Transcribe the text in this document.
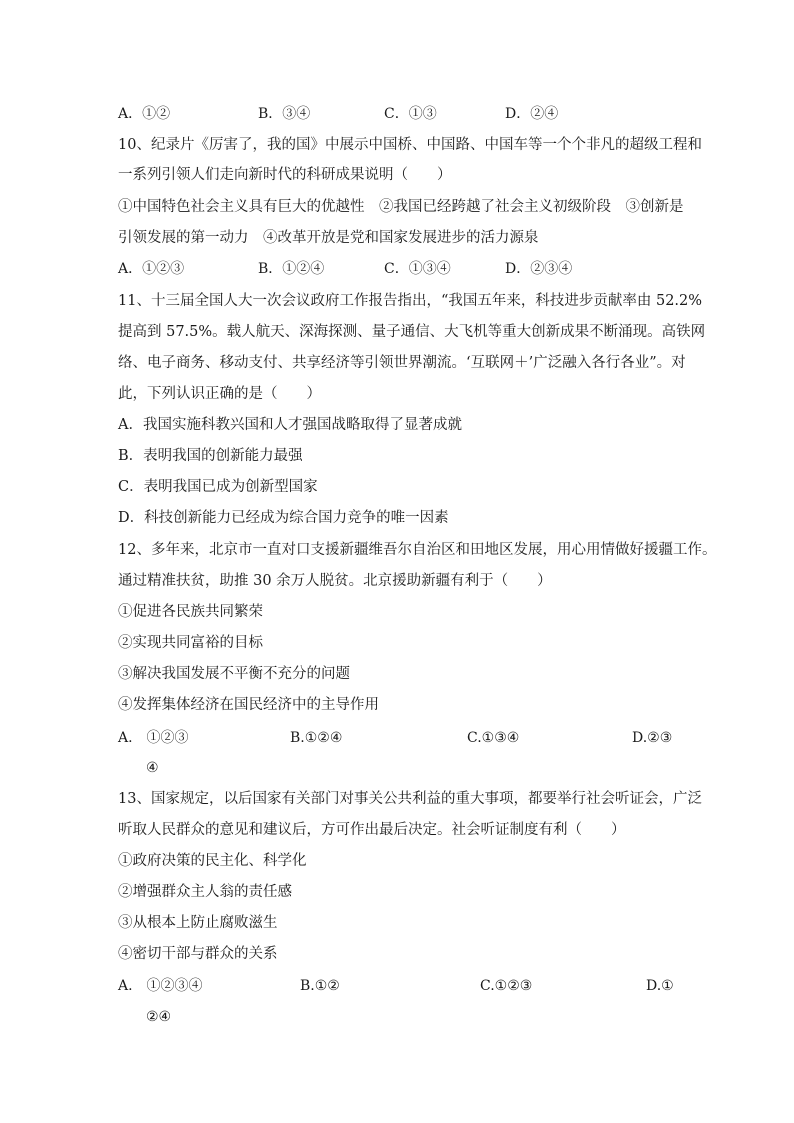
A．①②	B．③④	C．①③	D．②④
10、纪录片《厉害了，我的国》中展示中国桥、中国路、中国车等一个个非凡的超级工程和
一系列引领人们走向新时代的科研成果说明（　　）
①中国特色社会主义具有巨大的优越性　②我国已经跨越了社会主义初级阶段　③创新是
引领发展的第一动力　④改革开放是党和国家发展进步的活力源泉
A．①②③	B．①②④	C．①③④	D．②③④
11、十三届全国人大一次会议政府工作报告指出，“我国五年来，科技进步贡献率由 52.2%
提高到 57.5%。载人航天、深海探测、量子通信、大飞机等重大创新成果不断涌现。高铁网
络、电子商务、移动支付、共享经济等引领世界潮流。‘互联网＋’广泛融入各行各业”。对
此，下列认识正确的是（　　）
A．我国实施科教兴国和人才强国战略取得了显著成就
B．表明我国的创新能力最强
C．表明我国已成为创新型国家
D．科技创新能力已经成为综合国力竞争的唯一因素
12、多年来，北京市一直对口支援新疆维吾尔自治区和田地区发展，用心用情做好援疆工作。
通过精准扶贫，助推 30 余万人脱贫。北京援助新疆有利于（　　）
①促进各民族共同繁荣
②实现共同富裕的目标
③解决我国发展不平衡不充分的问题
④发挥集体经济在国民经济中的主导作用
A.　①②③	B.①②④	C.①③④	D.②③
④
13、国家规定，以后国家有关部门对事关公共利益的重大事项，都要举行社会听证会，广泛
听取人民群众的意见和建议后，方可作出最后决定。社会听证制度有利（　　）
①政府决策的民主化、科学化
②增强群众主人翁的责任感
③从根本上防止腐败滋生
④密切干部与群众的关系
A.　①②③④	B.①②	C.①②③	D.①
②④
